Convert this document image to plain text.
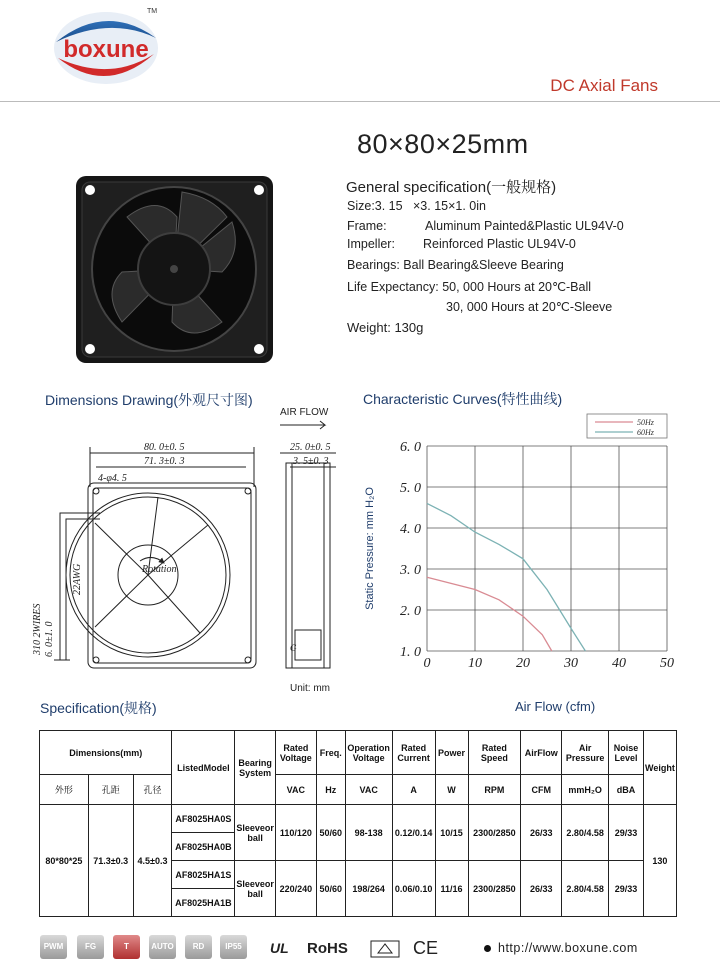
boxune
TM
DC Axial Fans
80×80×25mm
General specification(一般规格)
Size:3. 15   ×3. 15×1. 0in
Frame:	Aluminum Painted&Plastic UL94V-0
Impeller: Reinforced Plastic UL94V-0
Bearings: Ball Bearing&Sleeve Bearing
Life Expectancy: 50, 000 Hours at 20℃-Ball
30, 000 Hours at 20℃-Sleeve
Weight: 130g
Dimensions Drawing(外观尺寸图)	Characteristic Curves(特性曲线)
AIR FLOW
80. 0±0. 5
71. 3±0. 3
4-φ4. 5
Rotation
25. 0±0. 5
3. 5±0. 3
G
310 2WIRES 6. 0±1. 0
22AWG
Unit: mm
0	10 20 30 40 50
1. 0
2. 0
3. 0
4. 0
5. 0
6. 0
Static Pressure: mm H₂O
50Hz
60Hz
Air Flow (cfm)
Specification(规格)
Dimensions(mm)			ListedModel	Bearing System	Rated Voltage	Freq.	Operation Voltage	Rated Current	Power	Rated Speed	AirFlow	Air Pressure	Noise Level	Weight
外形	孔距	孔径			VAC	Hz	VAC	A	W	RPM	CFM	mmH₂O	dBA	
80*80*25	71.3±0.3	4.5±0.3	AF8025HA0S	Sleeveor ball	110/120	50/60	98-138	0.12/0.14	10/15	2300/2850	26/33	2.80/4.58	29/33	130
			AF8025HA0B											
			AF8025HA1S	Sleeveor ball	220/240	50/60	198/264	0.06/0.10	11/16	2300/2850	26/33	2.80/4.58	29/33	
			AF8025HA1B											
PWM	FG	T	AUTO	RD	IP55	UL RoHS	CE	http://www.boxune.com
